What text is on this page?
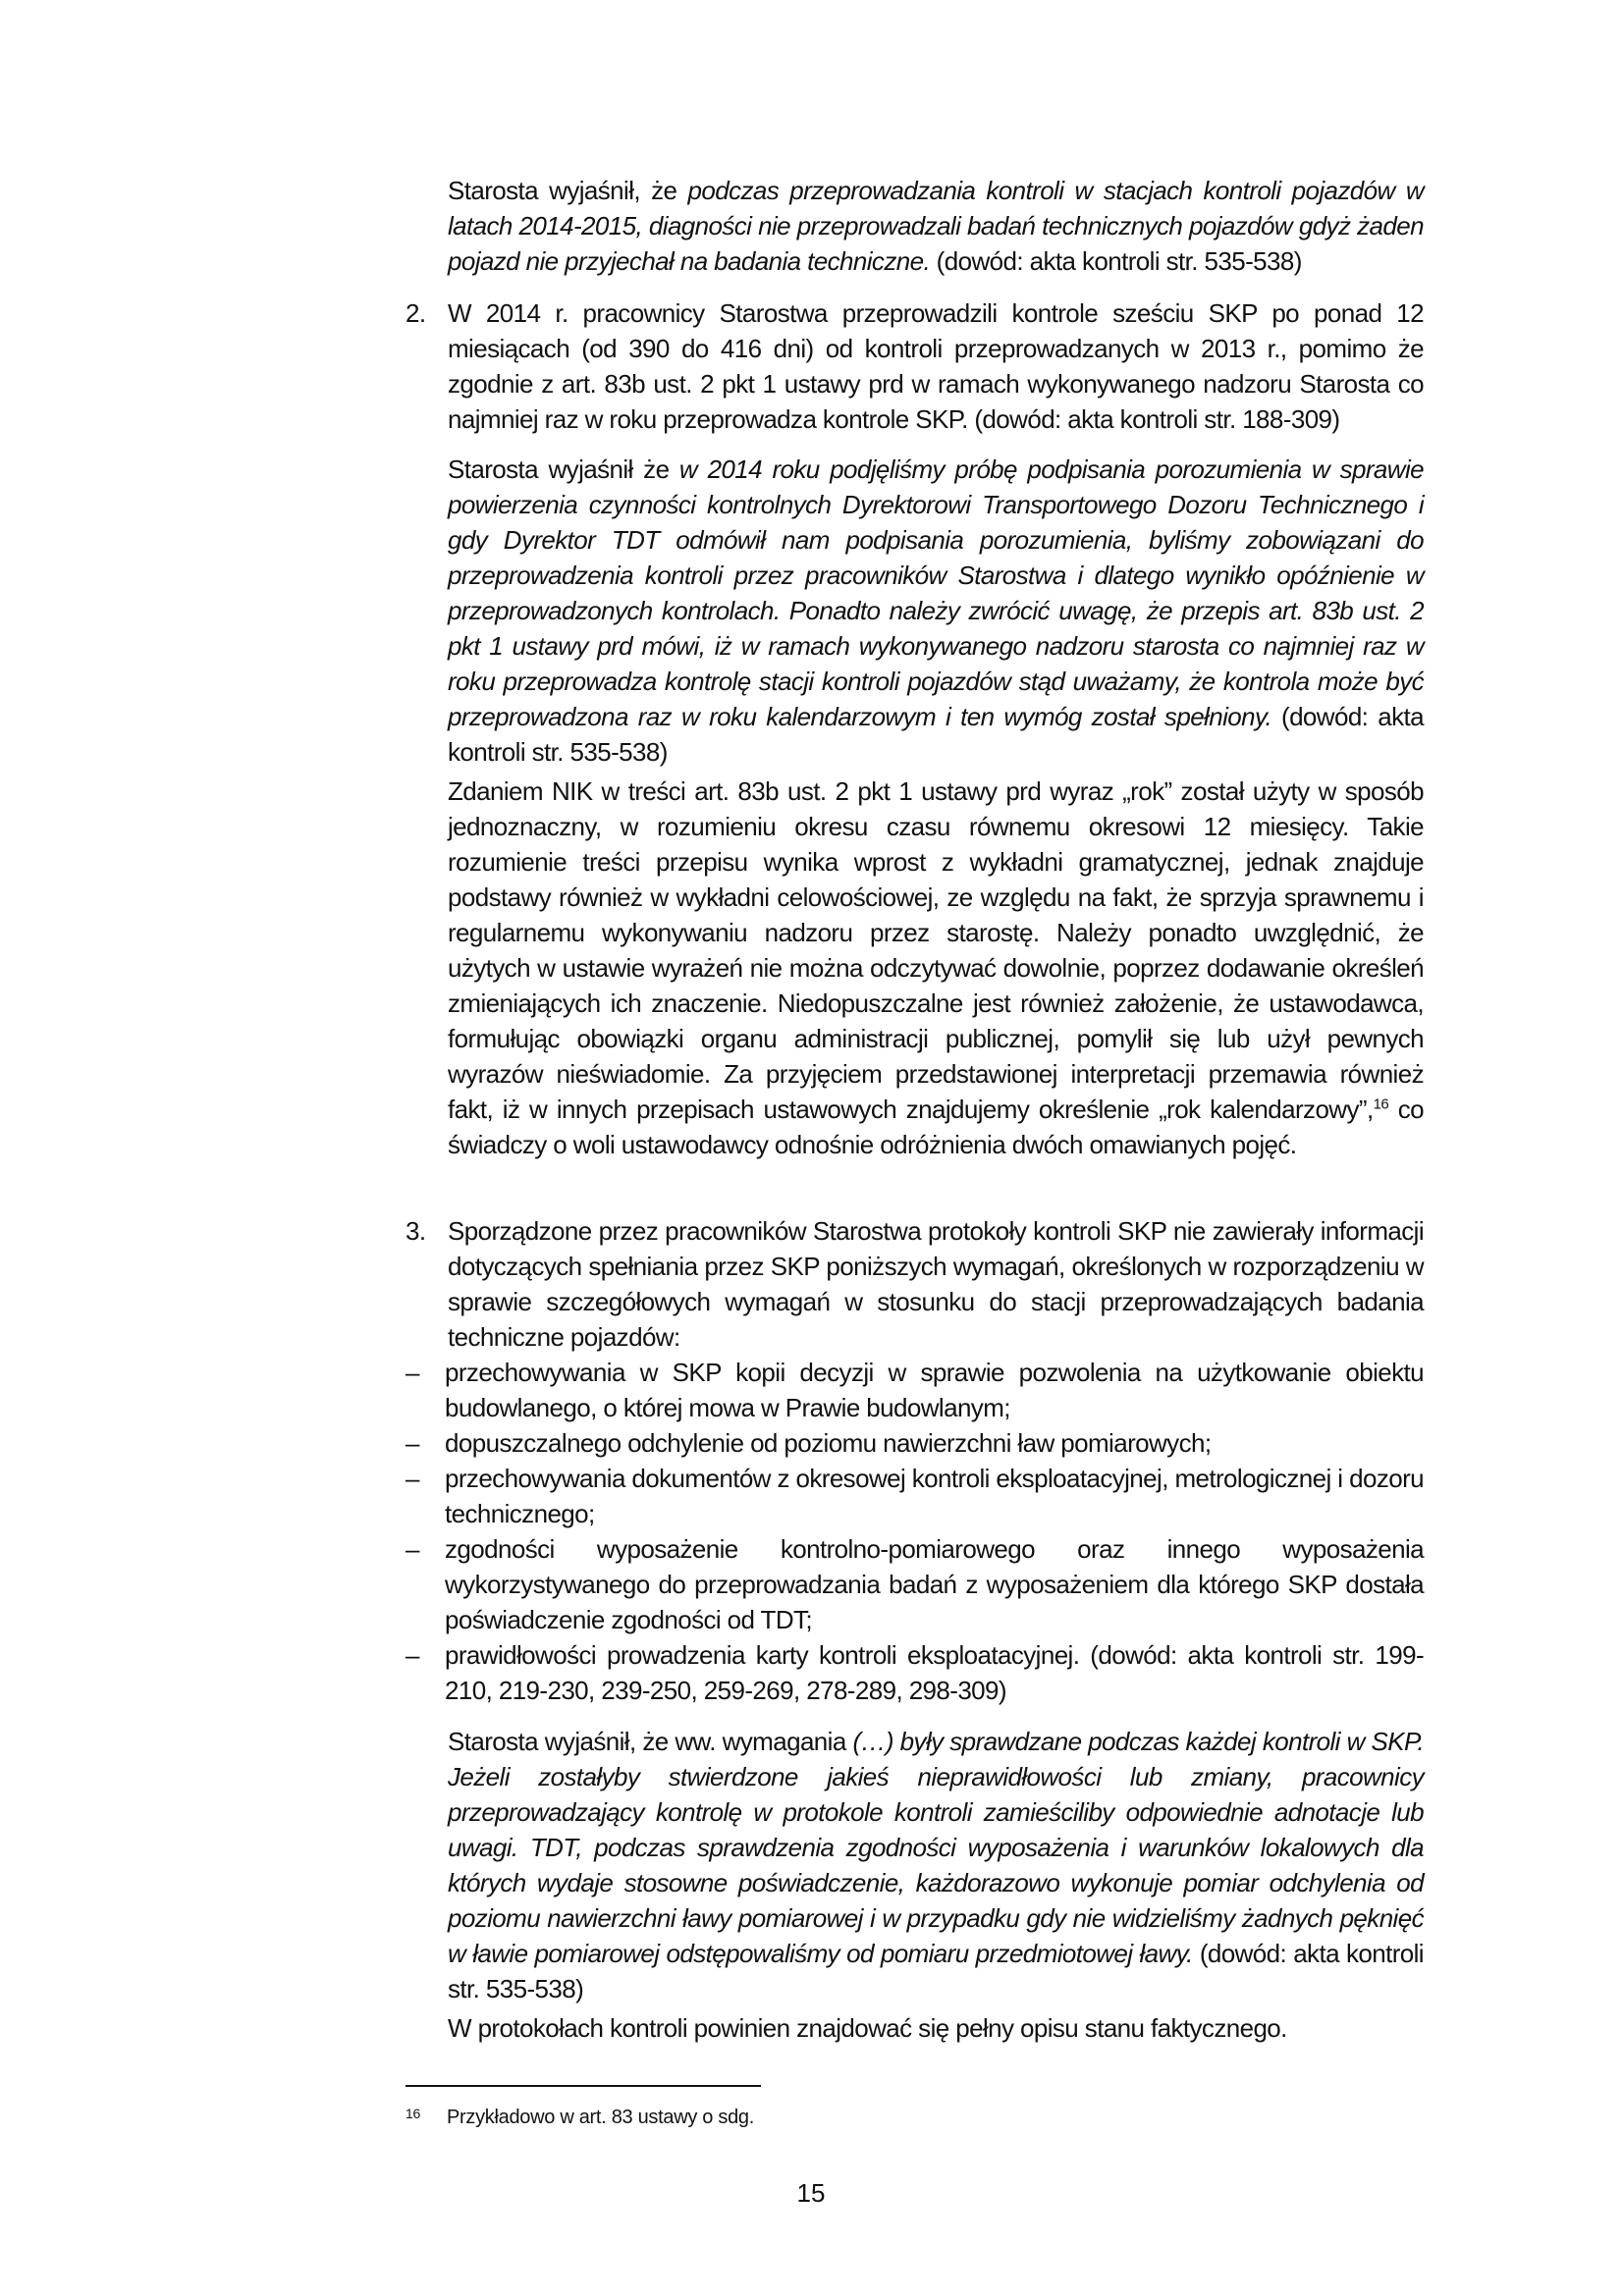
Starosta wyjaśnił, że podczas przeprowadzania kontroli w stacjach kontroli pojazdów w latach 2014-2015, diagności nie przeprowadzali badań technicznych pojazdów gdyż żaden pojazd nie przyjechał na badania techniczne. (dowód: akta kontroli str. 535-538)

2. W 2014 r. pracownicy Starostwa przeprowadzili kontrole sześciu SKP po ponad 12 miesiącach (od 390 do 416 dni) od kontroli przeprowadzanych w 2013 r., pomimo że zgodnie z art. 83b ust. 2 pkt 1 ustawy prd w ramach wykonywanego nadzoru Starosta co najmniej raz w roku przeprowadza kontrole SKP. (dowód: akta kontroli str. 188-309)

Starosta wyjaśnił że w 2014 roku podjęliśmy próbę podpisania porozumienia w sprawie powierzenia czynności kontrolnych Dyrektorowi Transportowego Dozoru Technicznego i gdy Dyrektor TDT odmówił nam podpisania porozumienia, byliśmy zobowiązani do przeprowadzenia kontroli przez pracowników Starostwa i dlatego wynikło opóźnienie w przeprowadzonych kontrolach. Ponadto należy zwrócić uwagę, że przepis art. 83b ust. 2 pkt 1 ustawy prd mówi, iż w ramach wykonywanego nadzoru starosta co najmniej raz w roku przeprowadza kontrolę stacji kontroli pojazdów stąd uważamy, że kontrola może być przeprowadzona raz w roku kalendarzowym i ten wymóg został spełniony. (dowód: akta kontroli str. 535-538)

Zdaniem NIK w treści art. 83b ust. 2 pkt 1 ustawy prd wyraz „rok” został użyty w sposób jednoznaczny, w rozumieniu okresu czasu równemu okresowi 12 miesięcy. Takie rozumienie treści przepisu wynika wprost z wykładni gramatycznej, jednak znajduje podstawy również w wykładni celowościowej, ze względu na fakt, że sprzyja sprawnemu i regularnemu wykonywaniu nadzoru przez starostę. Należy ponadto uwzględnić, że użytych w ustawie wyrażeń nie można odczytywać dowolnie, poprzez dodawanie określeń zmieniających ich znaczenie. Niedopuszczalne jest również założenie, że ustawodawca, formułując obowiązki organu administracji publicznej, pomylił się lub użył pewnych wyrazów nieświadomie. Za przyjęciem przedstawionej interpretacji przemawia również fakt, iż w innych przepisach ustawowych znajdujemy określenie „rok kalendarzowy”,$^{16}$ co świadczy o woli ustawodawcy odnośnie odróżnienia dwóch omawianych pojęć.

3. Sporządzone przez pracowników Starostwa protokoły kontroli SKP nie zawierały informacji dotyczących spełniania przez SKP poniższych wymagań, określonych w rozporządzeniu w sprawie szczegółowych wymagań w stosunku do stacji przeprowadzających badania techniczne pojazdów:

– przechowywania w SKP kopii decyzji w sprawie pozwolenia na użytkowanie obiektu budowlanego, o której mowa w Prawie budowlanym;
– dopuszczalnego odchylenie od poziomu nawierzchni ław pomiarowych;
– przechowywania dokumentów z okresowej kontroli eksploatacyjnej, metrologicznej i dozoru technicznego;
– zgodności wyposażenie kontrolno-pomiarowego oraz innego wyposażenia wykorzystywanego do przeprowadzania badań z wyposażeniem dla którego SKP dostała poświadczenie zgodności od TDT;
– prawidłowości prowadzenia karty kontroli eksploatacyjnej. (dowód: akta kontroli str. 199-210, 219-230, 239-250, 259-269, 278-289, 298-309)

Starosta wyjaśnił, że ww. wymagania (…) były sprawdzane podczas każdej kontroli w SKP. Jeżeli zostałyby stwierdzone jakieś nieprawidłowości lub zmiany, pracownicy przeprowadzający kontrolę w protokole kontroli zamieściliby odpowiednie adnotacje lub uwagi. TDT, podczas sprawdzenia zgodności wyposażenia i warunków lokalowych dla których wydaje stosowne poświadczenie, każdorazowo wykonuje pomiar odchylenia od poziomu nawierzchni ławy pomiarowej i w przypadku gdy nie widzieliśmy żadnych pęknięć w ławie pomiarowej odstępowaliśmy od pomiaru przedmiotowej ławy. (dowód: akta kontroli str. 535-538)

W protokołach kontroli powinien znajdować się pełny opisu stanu faktycznego.

16 Przykładowo w art. 83 ustawy o sdg.
15
